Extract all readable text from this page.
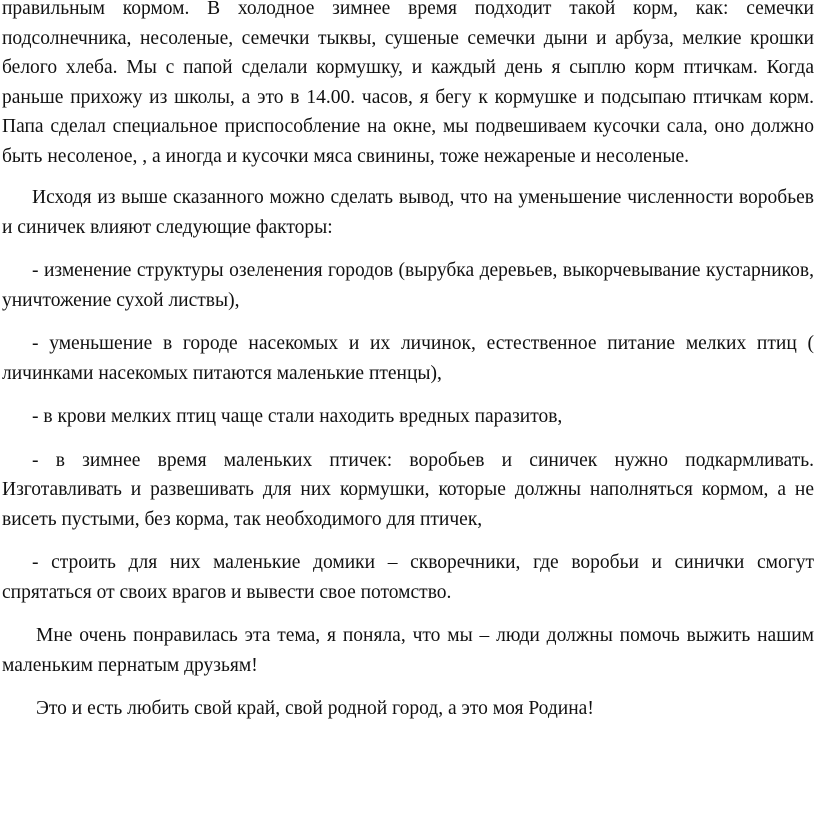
правильным кормом. В холодное зимнее время подходит такой корм, как: семечки подсолнечника, несоленые, семечки тыквы, сушеные семечки дыни и арбуза, мелкие крошки белого хлеба. Мы с папой сделали кормушку, и каждый день я сыплю корм птичкам. Когда раньше прихожу из школы, а это в 14.00. часов, я бегу к кормушке и подсыпаю птичкам корм. Папа сделал специальное приспособление на окне, мы подвешиваем кусочки сала, оно должно быть несоленое, , а иногда и кусочки мяса свинины, тоже нежареные и несоленые.

Исходя из выше сказанного можно сделать вывод, что на уменьшение численности воробьев и синичек влияют следующие факторы:

- изменение структуры озеленения городов (вырубка деревьев, выкорчевывание кустарников, уничтожение сухой листвы),

- уменьшение в городе насекомых и их личинок, естественное питание мелких птиц ( личинками насекомых питаются маленькие птенцы),

- в крови мелких птиц чаще стали находить вредных паразитов,

- в зимнее время маленьких птичек: воробьев и синичек нужно подкармливать. Изготавливать и развешивать для них кормушки, которые должны наполняться кормом, а не висеть пустыми, без корма, так необходимого для птичек,

- строить для них маленькие домики – скворечники, где воробьи и синички смогут спрятаться от своих врагов и вывести свое потомство.

Мне очень понравилась эта тема, я поняла, что мы – люди должны помочь выжить нашим маленьким пернатым друзьям!

Это и есть любить свой край, свой родной город, а это моя Родина!
